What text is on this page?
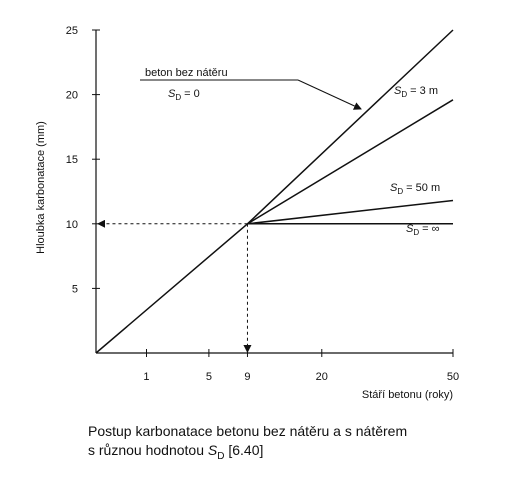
Hloubka karbonatace (mm)
Stáří betonu (roky)
5
10
15
20
25
1	5	9	20	50
beton bez nátěru
$S_D = 0$	$S_D = 3$ m
$S_D = 50$ m
$S_D$ = ∞
Postup karbonatace betonu bez nátěru a s nátěrem
s různou hodnotou $S_D$ [6.40]
